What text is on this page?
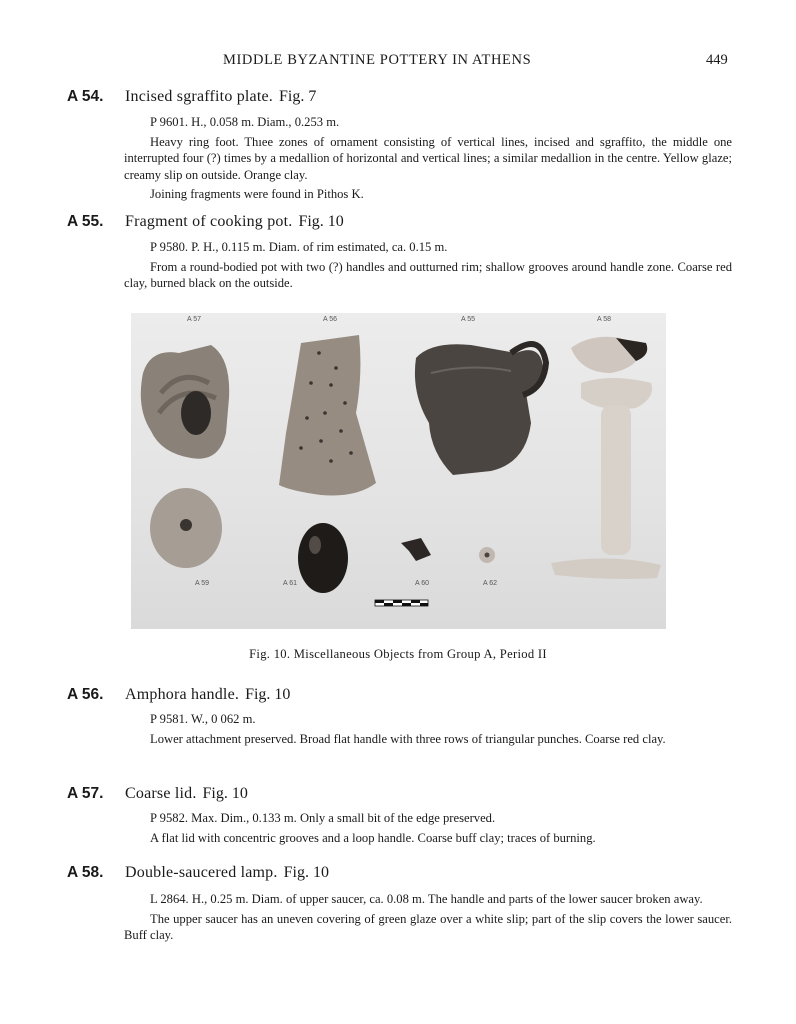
MIDDLE BYZANTINE POTTERY IN ATHENS	449
A 54. Incised sgraffito plate. Fig. 7

P 9601. H., 0.058 m. Diam., 0.253 m.

Heavy ring foot. Thıee zones of ornament consisting of vertical lines, incised and sgraffito, the middle one interrupted four (?) times by a medallion of horizontal and vertical lines; a similar medallion in the centre. Yellow glaze; creamy slip on outside. Orange clay.

Joining fragments were found in Pithos K.

A 55. Fragment of cooking pot. Fig. 10

P 9580. P. H., 0.115 m. Diam. of rim estimated, ca. 0.15 m.

From a round-bodied pot with two (?) handles and outturned rim; shallow grooves around handle zone. Coarse red clay, burned black on the outside.

A 57	A 56	A 55	A 58
A 59	A 61	A 60	A 62
Fig. 10. Miscellaneous Objects from Group A, Period II
A 56. Amphora handle. Fig. 10

P 9581. W., 0 062 m.

Lower attachment preserved. Broad flat handle with three rows of triangular punches. Coarse red clay.

A 57. Coarse lid. Fig. 10

P 9582. Max. Dim., 0.133 m. Only a small bit of the edge preserved.

A flat lid with concentric grooves and a loop handle. Coarse buff clay; traces of burning.

A 58. Double-saucered lamp. Fig. 10

L 2864. H., 0.25 m. Diam. of upper saucer, ca. 0.08 m. The handle and parts of the lower saucer broken away.

The upper saucer has an uneven covering of green glaze over a white slip; part of the slip covers the lower saucer. Buff clay.
